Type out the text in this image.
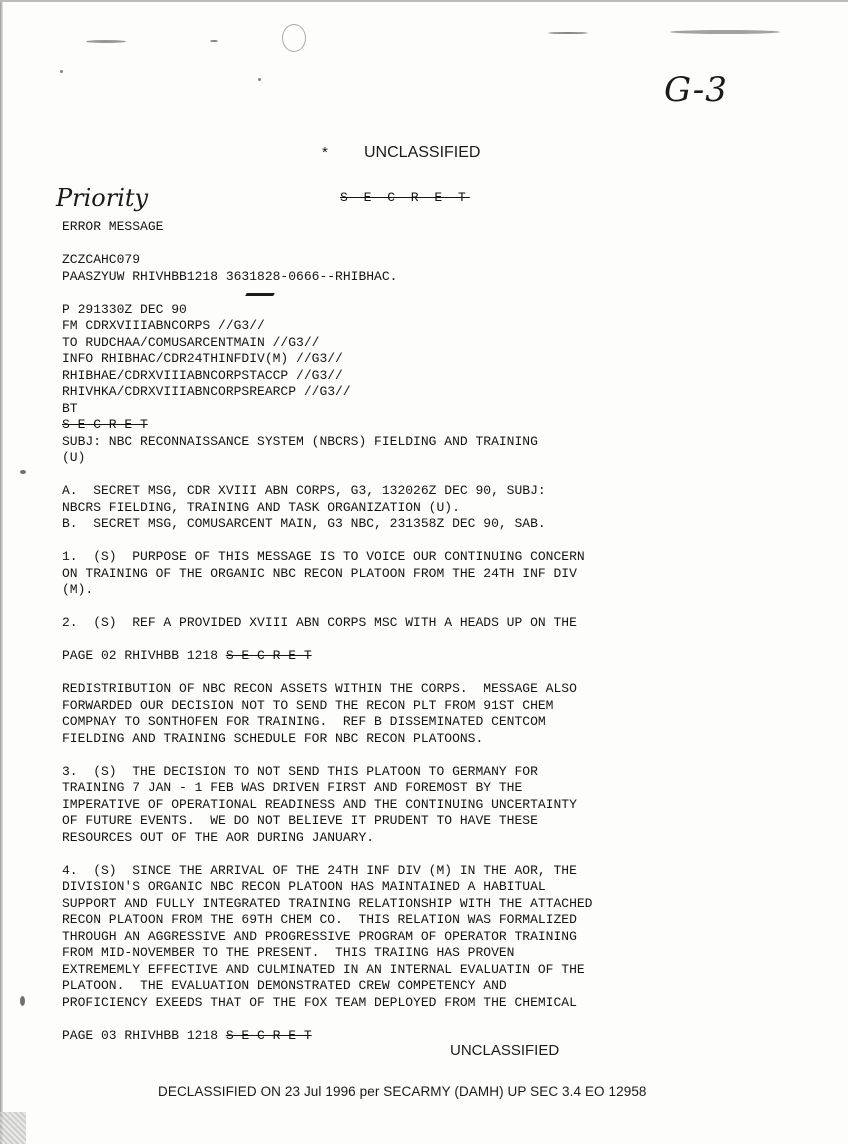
G-3
Priority
* UNCLASSIFIED
S E C R E T
ERROR MESSAGE
ZCZCAHC079
PAASZYUW RHIVHBB1218 3631828-0666--RHIBHAC.
P 291330Z DEC 90
FM CDRXVIIIABNCORPS //G3//
TO RUDCHAA/COMUSARCENTMAIN //G3//
INFO RHIBHAC/CDR24THINFDIV(M) //G3//
RHIBHAE/CDRXVIIIABNCORPSTACCP //G3//
RHIVHKA/CDRXVIIIABNCORPSREARCP //G3//
BT
S E C R E T
SUBJ: NBC RECONNAISSANCE SYSTEM (NBCRS) FIELDING AND TRAINING
(U)
A.  SECRET MSG, CDR XVIII ABN CORPS, G3, 132026Z DEC 90, SUBJ:
NBCRS FIELDING, TRAINING AND TASK ORGANIZATION (U).
B.  SECRET MSG, COMUSARCENT MAIN, G3 NBC, 231358Z DEC 90, SAB.
1.  (S)  PURPOSE OF THIS MESSAGE IS TO VOICE OUR CONTINUING CONCERN
ON TRAINING OF THE ORGANIC NBC RECON PLATOON FROM THE 24TH INF DIV
(M).
2.  (S)  REF A PROVIDED XVIII ABN CORPS MSC WITH A HEADS UP ON THE
PAGE 02 RHIVHBB 1218 S E C R E T
REDISTRIBUTION OF NBC RECON ASSETS WITHIN THE CORPS.  MESSAGE ALSO
FORWARDED OUR DECISION NOT TO SEND THE RECON PLT FROM 91ST CHEM
COMPNAY TO SONTHOFEN FOR TRAINING.  REF B DISSEMINATED CENTCOM
FIELDING AND TRAINING SCHEDULE FOR NBC RECON PLATOONS.
3.  (S)  THE DECISION TO NOT SEND THIS PLATOON TO GERMANY FOR
TRAINING 7 JAN - 1 FEB WAS DRIVEN FIRST AND FOREMOST BY THE
IMPERATIVE OF OPERATIONAL READINESS AND THE CONTINUING UNCERTAINTY
OF FUTURE EVENTS.  WE DO NOT BELIEVE IT PRUDENT TO HAVE THESE
RESOURCES OUT OF THE AOR DURING JANUARY.
4.  (S)  SINCE THE ARRIVAL OF THE 24TH INF DIV (M) IN THE AOR, THE
DIVISION'S ORGANIC NBC RECON PLATOON HAS MAINTAINED A HABITUAL
SUPPORT AND FULLY INTEGRATED TRAINING RELATIONSHIP WITH THE ATTACHED
RECON PLATOON FROM THE 69TH CHEM CO.  THIS RELATION WAS FORMALIZED
THROUGH AN AGGRESSIVE AND PROGRESSIVE PROGRAM OF OPERATOR TRAINING
FROM MID-NOVEMBER TO THE PRESENT.  THIS TRAIING HAS PROVEN
EXTREMEMLY EFFECTIVE AND CULMINATED IN AN INTERNAL EVALUATIN OF THE
PLATOON.  THE EVALUATION DEMONSTRATED CREW COMPETENCY AND
PROFICIENCY EXEEDS THAT OF THE FOX TEAM DEPLOYED FROM THE CHEMICAL
PAGE 03 RHIVHBB 1218 S E C R E T
UNCLASSIFIED
DECLASSIFIED ON 23 Jul 1996 per SECARMY (DAMH) UP SEC 3.4 EO 12958
